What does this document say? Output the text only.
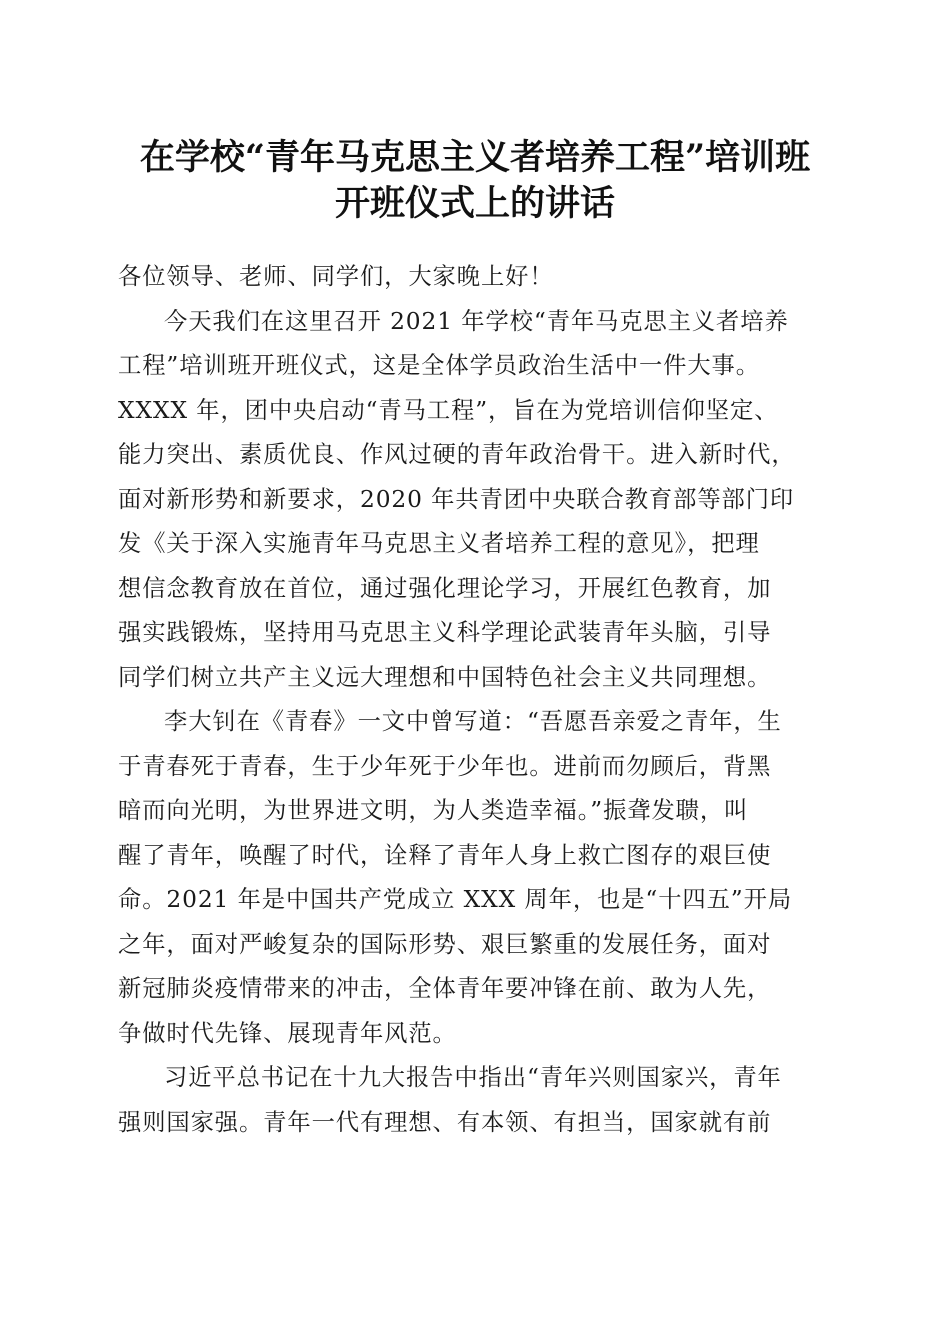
在学校“青年马克思主义者培养工程”培训班
开班仪式上的讲话
各位领导、老师、同学们，大家晚上好！
今天我们在这里召开 2021 年学校“青年马克思主义者培养
工程”培训班开班仪式，这是全体学员政治生活中一件大事。
XXXX 年，团中央启动“青马工程”，旨在为党培训信仰坚定、
能力突出、素质优良、作风过硬的青年政治骨干。进入新时代，
面对新形势和新要求，2020 年共青团中央联合教育部等部门印
发《关于深入实施青年马克思主义者培养工程的意见》，把理
想信念教育放在首位，通过强化理论学习，开展红色教育，加
强实践锻炼，坚持用马克思主义科学理论武装青年头脑，引导
同学们树立共产主义远大理想和中国特色社会主义共同理想。
李大钊在《青春》一文中曾写道：“吾愿吾亲爱之青年，生
于青春死于青春，生于少年死于少年也。进前而勿顾后，背黑
暗而向光明，为世界进文明，为人类造幸福。”振聋发聩，叫
醒了青年，唤醒了时代，诠释了青年人身上救亡图存的艰巨使
命。2021 年是中国共产党成立 XXX 周年，也是“十四五”开局
之年，面对严峻复杂的国际形势、艰巨繁重的发展任务，面对
新冠肺炎疫情带来的冲击，全体青年要冲锋在前、敢为人先，
争做时代先锋、展现青年风范。
习近平总书记在十九大报告中指出“青年兴则国家兴，青年
强则国家强。青年一代有理想、有本领、有担当，国家就有前
